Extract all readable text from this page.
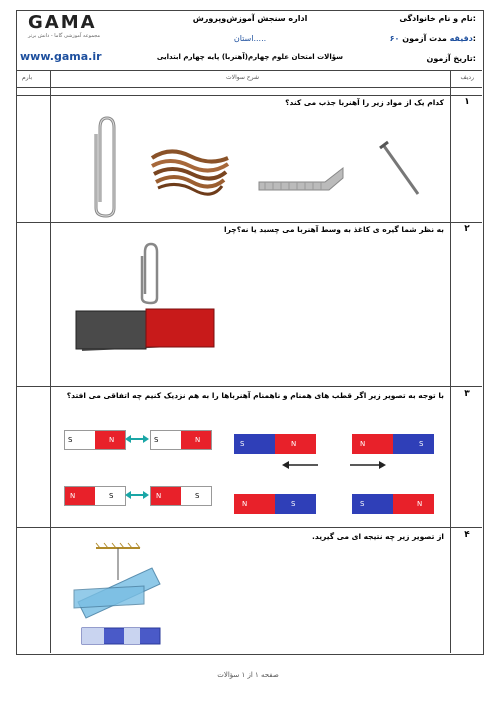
نام و نام خانوادگی:
۶۰ دقیقه مدت آزمون:
تاریخ آزمون:
اداره سنجش آموزش‌وپرورش
استان.....
سؤالات امتحان علوم چهارم(آهنربا) پایه چهارم ابتدایی
GAMA
مجموعه آموزشی گاما - دانش برتر
www.gama.ir
ردیف
شرح سوالات
بارم
۱
کدام یک از مواد زیر را آهنربا جذب می کند؟
۲
به نظر شما گیره ی کاغذ به وسط آهنربا می چسبد یا نه؟چرا
۳
با توجه به تصویر زیر اگر قطب های همنام و ناهمنام آهنرباها را به هم نزدیک کنیم چه اتفاقی می افتد؟
S	N	S	N
N	S	N	S
S	N	N	S
N	S	S	N
۴
از تصویر زیر چه نتیجه ای می گیرید.
صفحه ۱ از ۱ سؤالات
